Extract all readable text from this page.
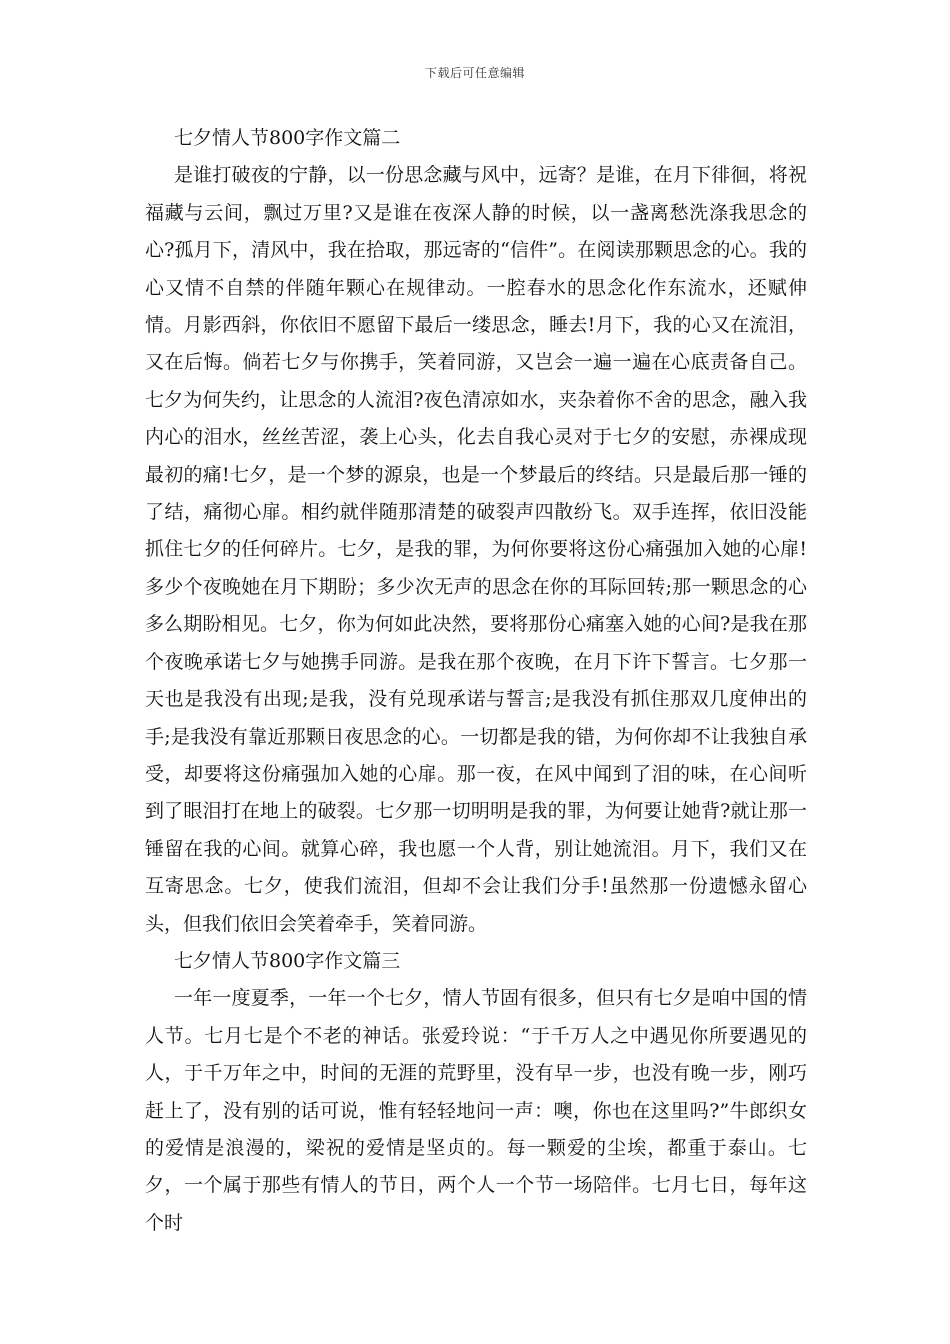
下载后可任意编辑

七夕情人节800字作文篇二

是谁打破夜的宁静，以一份思念藏与风中，远寄？是谁，在月下徘徊，将祝福藏与云间，飘过万里?又是谁在夜深人静的时候，以一盏离愁洗涤我思念的心?孤月下，清风中，我在拾取，那远寄的“信件”。在阅读那颗思念的心。我的心又情不自禁的伴随年颗心在规律动。一腔春水的思念化作东流水，还赋伸情。月影西斜，你依旧不愿留下最后一缕思念，睡去!月下，我的心又在流泪，又在后悔。倘若七夕与你携手，笑着同游，又岂会一遍一遍在心底责备自己。七夕为何失约，让思念的人流泪?夜色清凉如水，夹杂着你不舍的思念，融入我内心的泪水，丝丝苦涩，袭上心头，化去自我心灵对于七夕的安慰，赤裸成现最初的痛!七夕，是一个梦的源泉，也是一个梦最后的终结。只是最后那一锤的了结，痛彻心扉。相约就伴随那清楚的破裂声四散纷飞。双手连挥，依旧没能抓住七夕的任何碎片。七夕，是我的罪，为何你要将这份心痛强加入她的心扉!多少个夜晚她在月下期盼；多少次无声的思念在你的耳际回转;那一颗思念的心多么期盼相见。七夕，你为何如此决然，要将那份心痛塞入她的心间?是我在那个夜晚承诺七夕与她携手同游。是我在那个夜晚，在月下许下誓言。七夕那一天也是我没有出现;是我，没有兑现承诺与誓言;是我没有抓住那双几度伸出的手;是我没有靠近那颗日夜思念的心。一切都是我的错，为何你却不让我独自承受，却要将这份痛强加入她的心扉。那一夜，在风中闻到了泪的味，在心间听到了眼泪打在地上的破裂。七夕那一切明明是我的罪，为何要让她背?就让那一锤留在我的心间。就算心碎，我也愿一个人背，别让她流泪。月下，我们又在互寄思念。七夕，使我们流泪，但却不会让我们分手!虽然那一份遗憾永留心头，但我们依旧会笑着牵手，笑着同游。

七夕情人节800字作文篇三

一年一度夏季，一年一个七夕，情人节固有很多，但只有七夕是咱中国的情人节。七月七是个不老的神话。张爱玲说：“于千万人之中遇见你所要遇见的人，于千万年之中，时间的无涯的荒野里，没有早一步，也没有晚一步，刚巧赶上了，没有别的话可说，惟有轻轻地问一声：噢，你也在这里吗?”牛郎织女的爱情是浪漫的，梁祝的爱情是坚贞的。每一颗爱的尘埃，都重于泰山。七夕，一个属于那些有情人的节日，两个人一个节一场陪伴。七月七日，每年这个时
